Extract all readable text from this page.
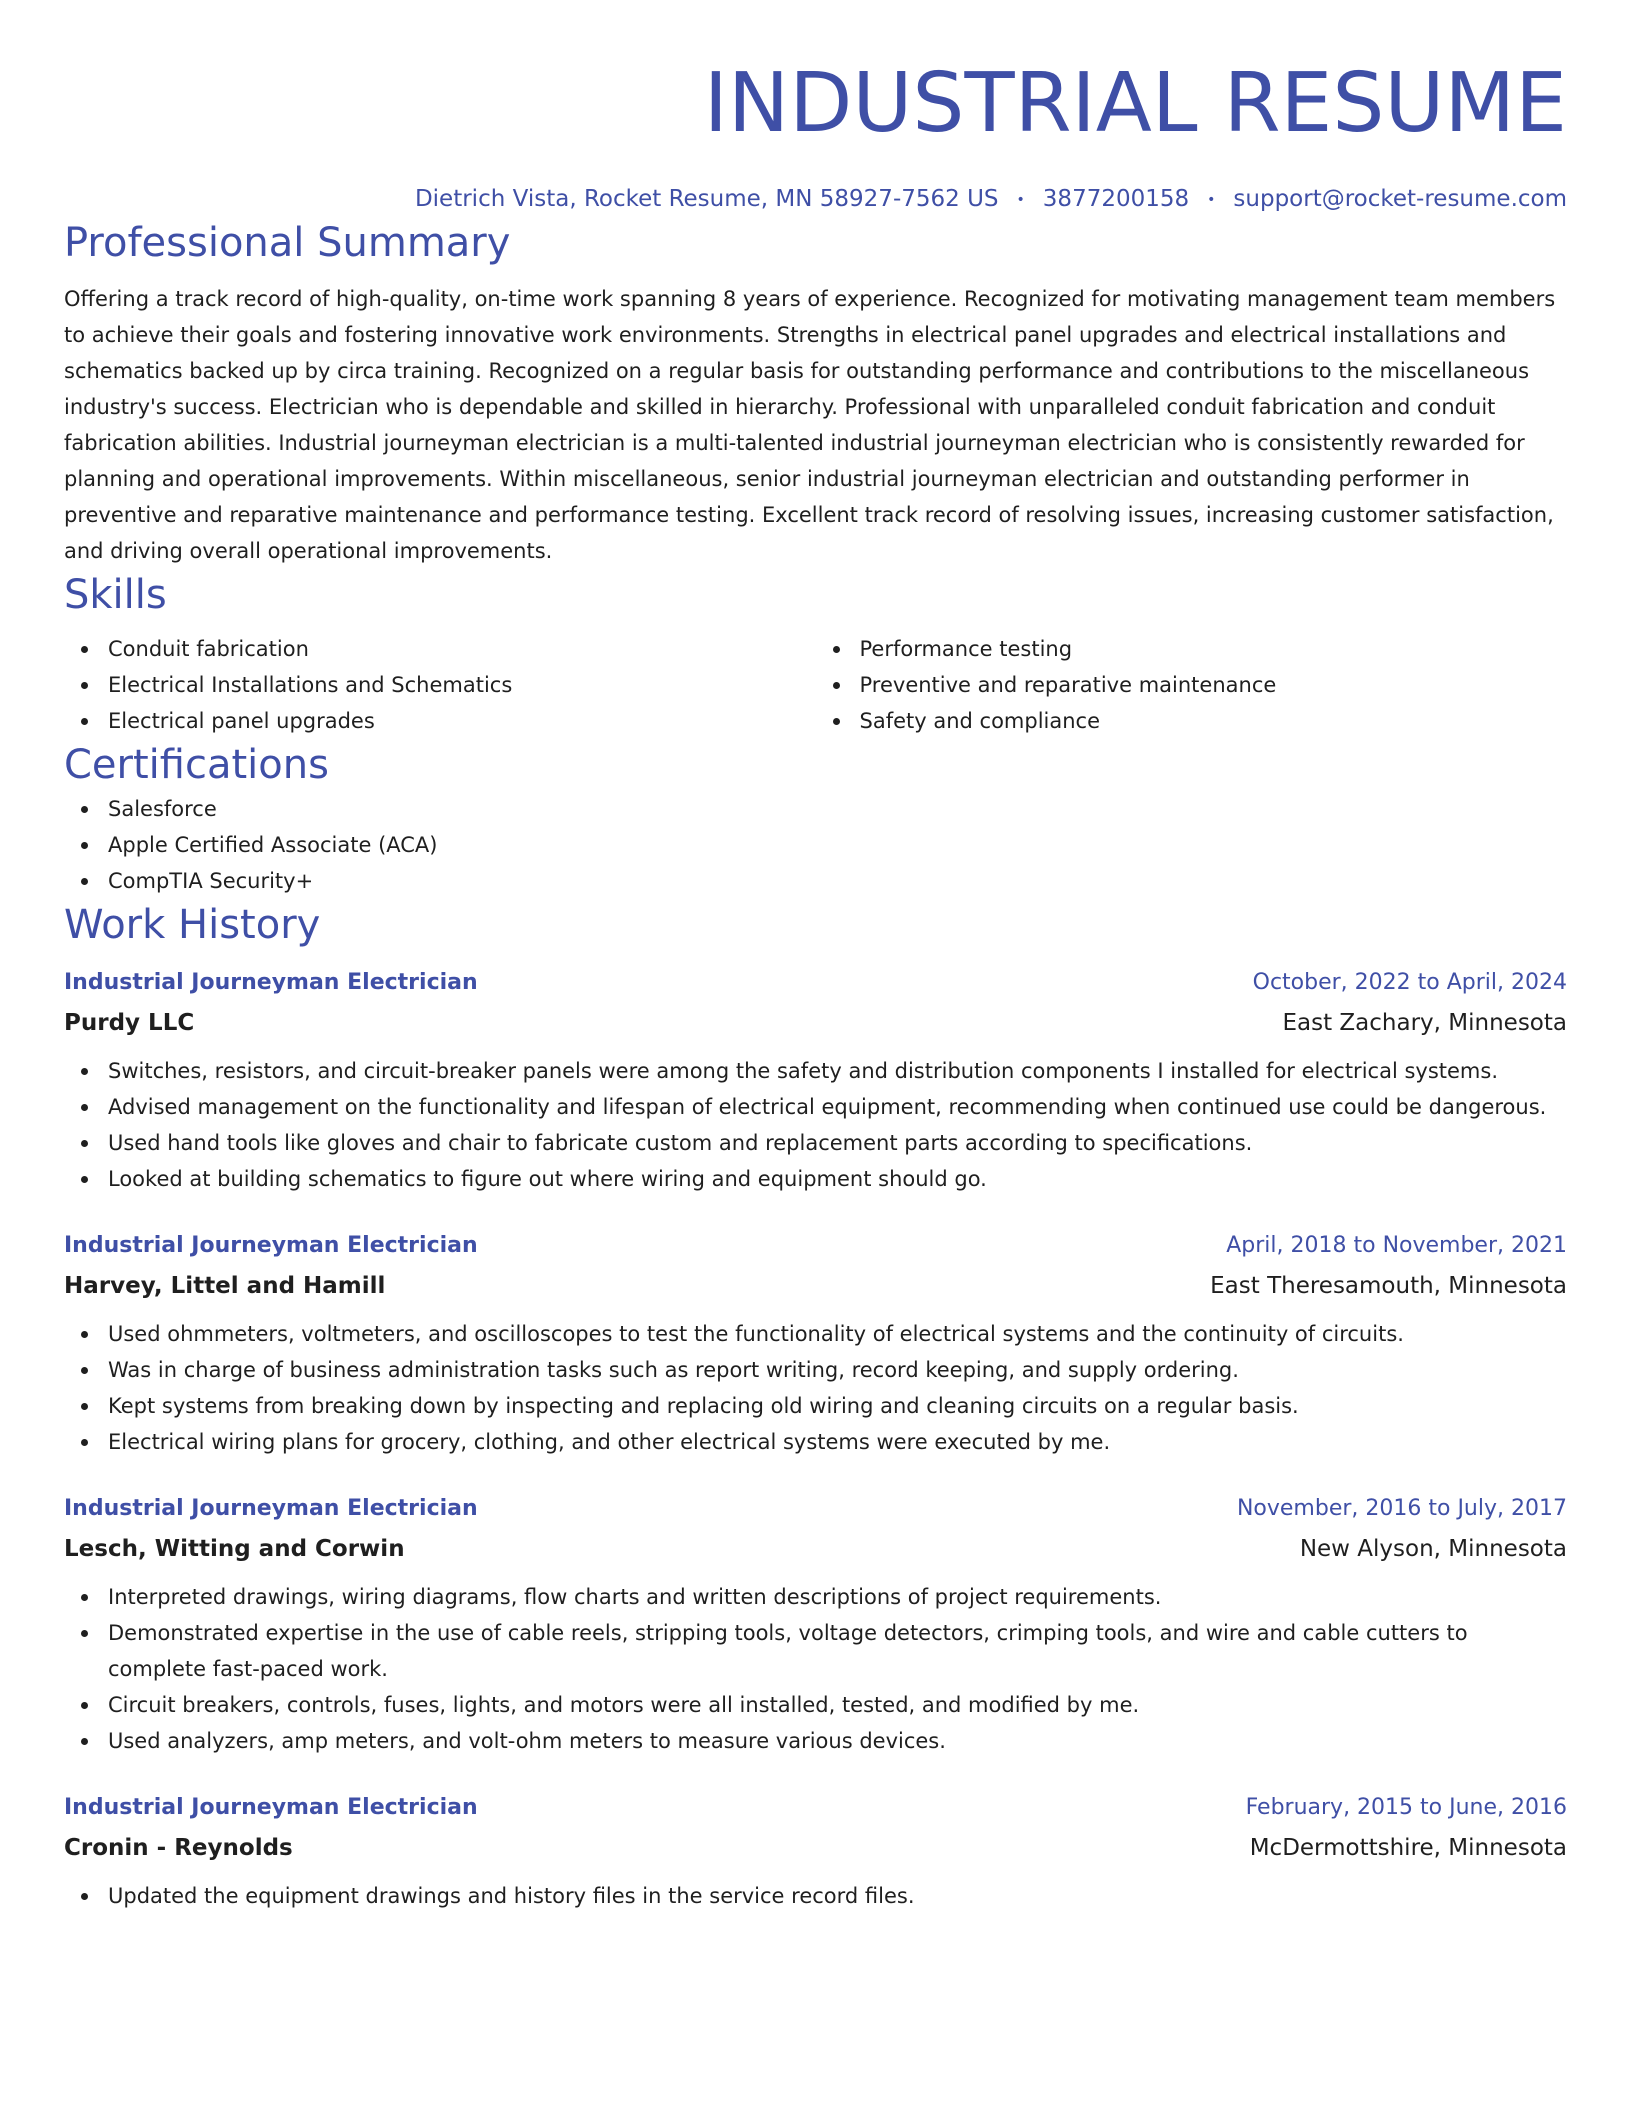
INDUSTRIAL RESUME
Dietrich Vista, Rocket Resume, MN 58927-7562 US • 3877200158 • support@rocket-resume.com
Professional Summary
Offering a track record of high-quality, on-time work spanning 8 years of experience. Recognized for motivating management team members to achieve their goals and fostering innovative work environments. Strengths in electrical panel upgrades and electrical installations and schematics backed up by circa training. Recognized on a regular basis for outstanding performance and contributions to the miscellaneous industry's success. Electrician who is dependable and skilled in hierarchy. Professional with unparalleled conduit fabrication and conduit fabrication abilities. Industrial journeyman electrician is a multi-talented industrial journeyman electrician who is consistently rewarded for planning and operational improvements. Within miscellaneous, senior industrial journeyman electrician and outstanding performer in preventive and reparative maintenance and performance testing. Excellent track record of resolving issues, increasing customer satisfaction, and driving overall operational improvements.
Skills
Conduit fabrication
Electrical Installations and Schematics
Electrical panel upgrades
Performance testing
Preventive and reparative maintenance
Safety and compliance
Certifications
Salesforce
Apple Certified Associate (ACA)
CompTIA Security+
Work History
Industrial Journeyman Electrician	October, 2022 to April, 2024
Purdy LLC	East Zachary, Minnesota
Switches, resistors, and circuit-breaker panels were among the safety and distribution components I installed for electrical systems.
Advised management on the functionality and lifespan of electrical equipment, recommending when continued use could be dangerous.
Used hand tools like gloves and chair to fabricate custom and replacement parts according to specifications.
Looked at building schematics to figure out where wiring and equipment should go.
Industrial Journeyman Electrician	April, 2018 to November, 2021
Harvey, Littel and Hamill	East Theresamouth, Minnesota
Used ohmmeters, voltmeters, and oscilloscopes to test the functionality of electrical systems and the continuity of circuits.
Was in charge of business administration tasks such as report writing, record keeping, and supply ordering.
Kept systems from breaking down by inspecting and replacing old wiring and cleaning circuits on a regular basis.
Electrical wiring plans for grocery, clothing, and other electrical systems were executed by me.
Industrial Journeyman Electrician	November, 2016 to July, 2017
Lesch, Witting and Corwin	New Alyson, Minnesota
Interpreted drawings, wiring diagrams, flow charts and written descriptions of project requirements.
Demonstrated expertise in the use of cable reels, stripping tools, voltage detectors, crimping tools, and wire and cable cutters to complete fast-paced work.
Circuit breakers, controls, fuses, lights, and motors were all installed, tested, and modified by me.
Used analyzers, amp meters, and volt-ohm meters to measure various devices.
Industrial Journeyman Electrician	February, 2015 to June, 2016
Cronin - Reynolds	McDermottshire, Minnesota
Updated the equipment drawings and history files in the service record files.
